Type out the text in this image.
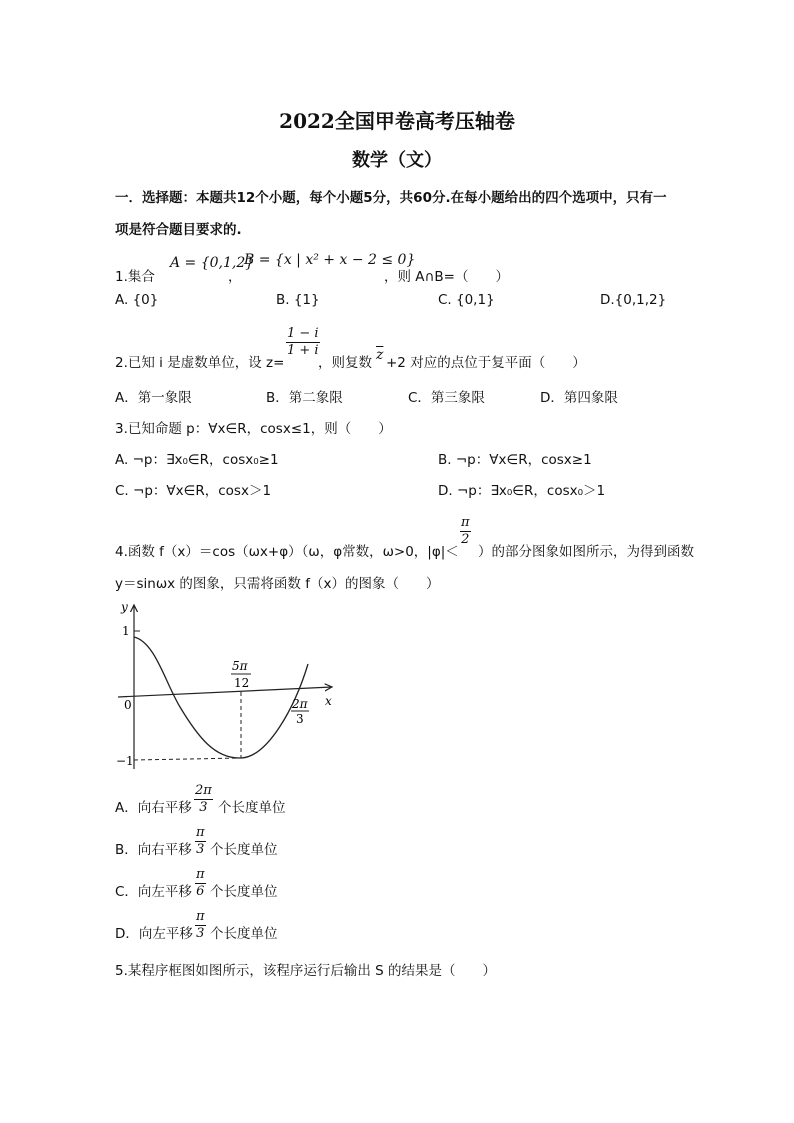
2022全国甲卷高考压轴卷
数学（文）
一．选择题：本题共12个小题，每个小题5分，共60分.在每小题给出的四个选项中，只有一
项是符合题目要求的.
1.集合
A = {0,1,2}
，
B = {x | x² + x − 2 ≤ 0}
，则 A∩B=（　　）
A. {0}	B. {1}	C. {0,1}	D.{0,1,2}
2.已知 i 是虚数单位，设 z=
$\frac{1 - i}{1 + i}$
，则复数 $\overline{z} +2$ 对应的点位于复平面（　　）
A．第一象限	B．第二象限	C．第三象限	D．第四象限
3.已知命题 p：∀x∈R，cosx≤1，则（　　）
A. ¬p：∃x₀∈R，cosx₀≥1	B. ¬p：∀x∈R，cosx≥1
C. ¬p：∀x∈R，cosx＞1	D. ¬p：∃x₀∈R，cosx₀＞1
4.函数 f（x）＝cos（ωx+φ）（ω，φ常数，ω>0，|φ|＜
$\frac{\pi}{2}$
）的部分图象如图所示，为得到函数
y＝sinωx 的图象，只需将函数 f（x）的图象（　　）
y
x
0
1
−1
5π
12
2π
3
A．向右平移 $\frac{2\pi}{3}$ 个长度单位
B．向右平移 $\frac{\pi}{3}$ 个长度单位
C．向左平移 $\frac{\pi}{6}$ 个长度单位
D．向左平移 $\frac{\pi}{3}$ 个长度单位
5.某程序框图如图所示，该程序运行后输出 S 的结果是（　　）
